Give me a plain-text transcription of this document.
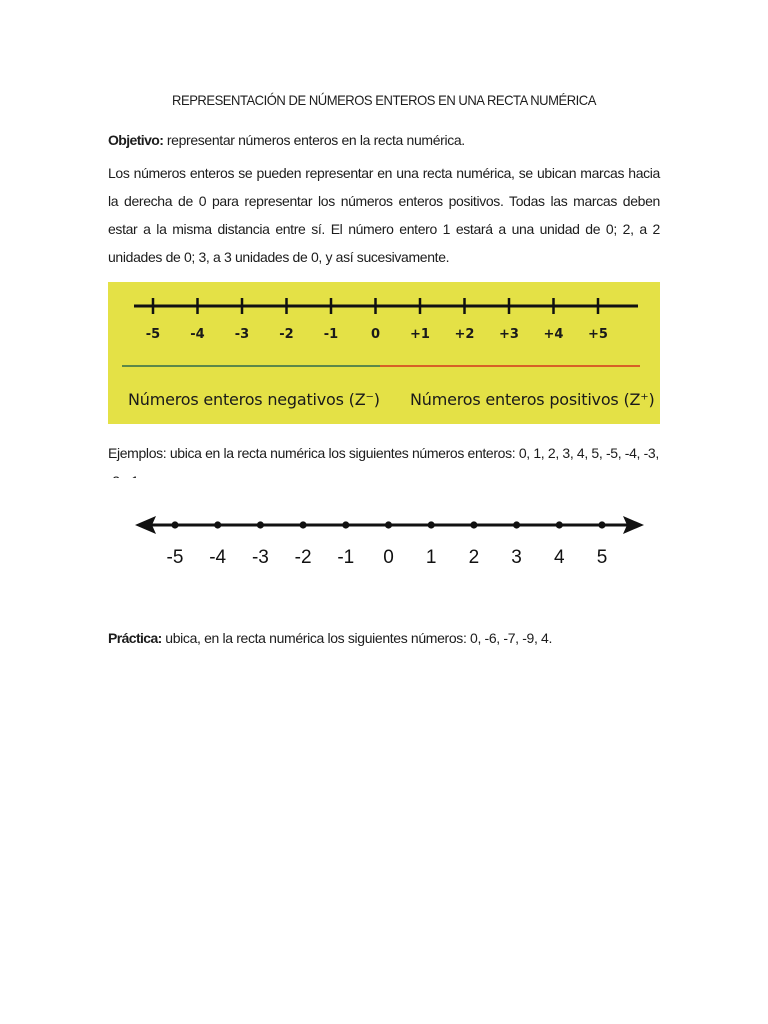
REPRESENTACIÓN DE NÚMEROS ENTEROS EN UNA RECTA NUMÉRICA
Objetivo: representar números enteros en la recta numérica.
Los números enteros se pueden representar en una recta numérica, se ubican marcas hacia la derecha de 0 para representar los números enteros positivos. Todas las marcas deben estar a la misma distancia entre sí. El número entero 1 estará a una unidad de 0; 2, a 2 unidades de 0; 3, a 3 unidades de 0, y así sucesivamente.
-5 -4 -3 -2 -1	0 +1 +2 +3 +4 +5
Números enteros negativos (Z⁻) Números enteros positivos (Z⁺)
Ejemplos: ubica en la recta numérica los siguientes números enteros: 0, 1, 2, 3, 4, 5, -5, -4, -3,
-5 -4 -3 -2 -1 0 1 2 3 4 5
Práctica: ubica, en la recta numérica los siguientes números: 0, -6, -7, -9, 4.
